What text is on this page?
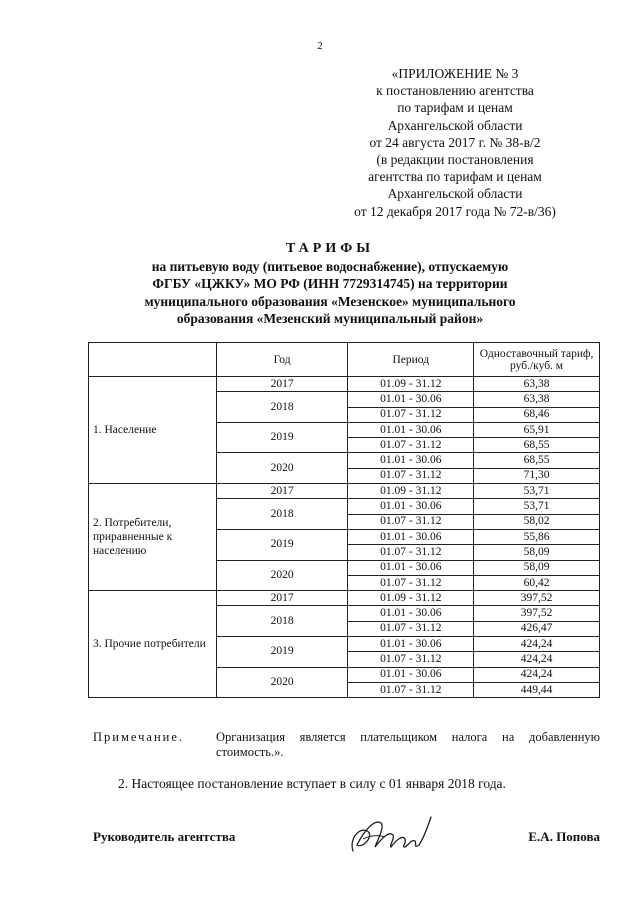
2
«ПРИЛОЖЕНИЕ № 3
к постановлению агентства
по тарифам и ценам
Архангельской области
от 24 августа 2017 г. № 38-в/2
(в редакции постановления
агентства по тарифам и ценам
Архангельской области
от 12 декабря 2017 года № 72-в/36)
ТАРИФЫ
на питьевую воду (питьевое водоснабжение), отпускаемую
ФГБУ «ЦЖКУ» МО РФ (ИНН 7729314745) на территории
муниципального образования «Мезенское» муниципального
образования «Мезенский муниципальный район»
	Год	Период	Одноставочный тариф, руб./куб. м
1. Население	2017	01.09 - 31.12	63,38
	2018	01.01 - 30.06	63,38
		01.07 - 31.12	68,46
	2019	01.01 - 30.06	65,91
		01.07 - 31.12	68,55
	2020	01.01 - 30.06	68,55
		01.07 - 31.12	71,30
2. Потребители, приравненные к населению	2017	01.09 - 31.12	53,71
	2018	01.01 - 30.06	53,71
		01.07 - 31.12	58,02
	2019	01.01 - 30.06	55,86
		01.07 - 31.12	58,09
	2020	01.01 - 30.06	58,09
		01.07 - 31.12	60,42
3. Прочие потребители	2017	01.09 - 31.12	397,52
	2018	01.01 - 30.06	397,52
		01.07 - 31.12	426,47
	2019	01.01 - 30.06	424,24
		01.07 - 31.12	424,24
	2020	01.01 - 30.06	424,24
		01.07 - 31.12	449,44
Примечание.	Организация является плательщиком налога на добавленную стоимость.».
2. Настоящее постановление вступает в силу с 01 января 2018 года.
Руководитель агентства	Е.А. Попова
